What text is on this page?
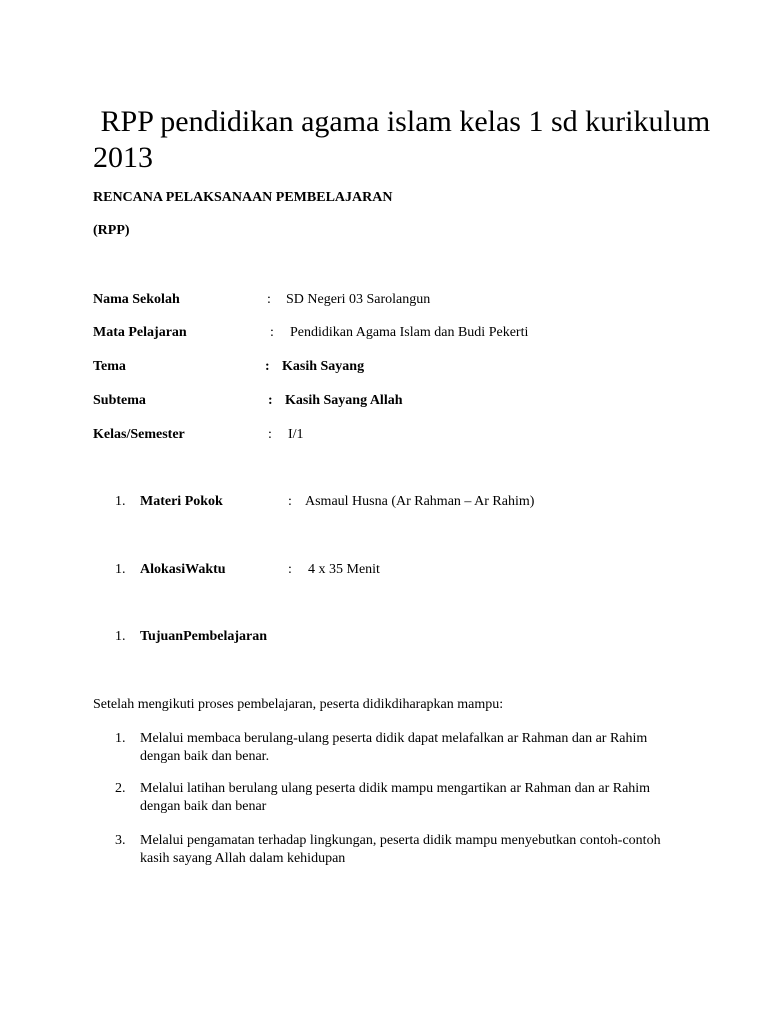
RPP pendidikan agama islam kelas 1 sd kurikulum 2013

RENCANA PELAKSANAAN PEMBELAJARAN

(RPP)

Nama Sekolah	: SD Negeri 03 Sarolangun
Mata Pelajaran	: Pendidikan Agama Islam dan Budi Pekerti
Tema	: Kasih Sayang
Subtema	: Kasih Sayang Allah
Kelas/Semester	: I/1
1. Materi Pokok	: Asmaul Husna (Ar Rahman – Ar Rahim)
1. AlokasiWaktu	: 4 x 35 Menit
1. TujuanPembelajaran

Setelah mengikuti proses pembelajaran, peserta didikdiharapkan mampu:

1. Melalui membaca berulang-ulang peserta didik dapat melafalkan ar Rahman dan ar Rahim dengan baik dan benar.
2. Melalui latihan berulang ulang peserta didik mampu mengartikan ar Rahman dan ar Rahim dengan baik dan benar
3. Melalui pengamatan terhadap lingkungan, peserta didik mampu menyebutkan contoh-contoh kasih sayang Allah dalam kehidupan
